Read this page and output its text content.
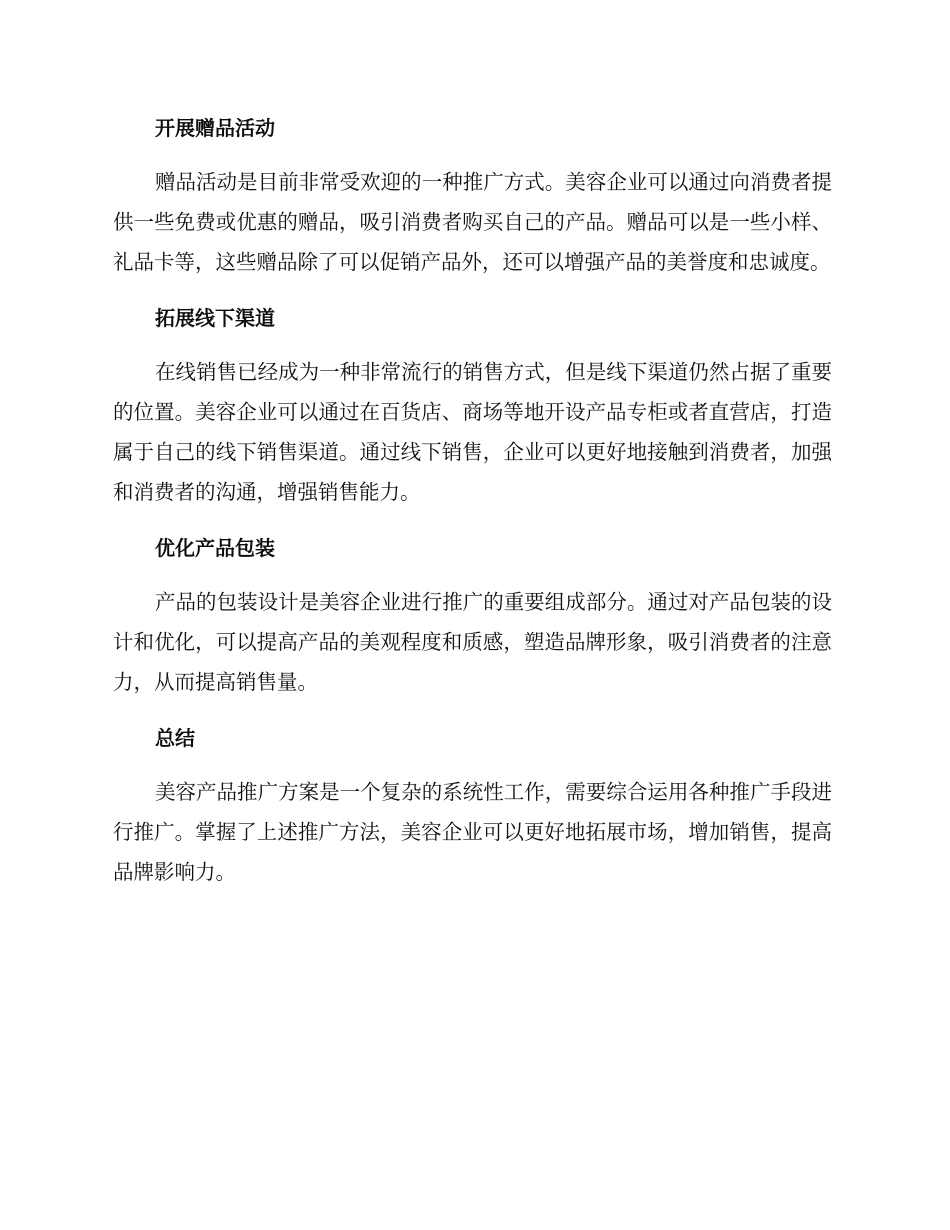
开展赠品活动

赠品活动是目前非常受欢迎的一种推广方式。美容企业可以通过向消费者提供一些免费或优惠的赠品，吸引消费者购买自己的产品。赠品可以是一些小样、礼品卡等，这些赠品除了可以促销产品外，还可以增强产品的美誉度和忠诚度。

拓展线下渠道

在线销售已经成为一种非常流行的销售方式，但是线下渠道仍然占据了重要的位置。美容企业可以通过在百货店、商场等地开设产品专柜或者直营店，打造属于自己的线下销售渠道。通过线下销售，企业可以更好地接触到消费者，加强和消费者的沟通，增强销售能力。

优化产品包装

产品的包装设计是美容企业进行推广的重要组成部分。通过对产品包装的设计和优化，可以提高产品的美观程度和质感，塑造品牌形象，吸引消费者的注意力，从而提高销售量。

总结

美容产品推广方案是一个复杂的系统性工作，需要综合运用各种推广手段进行推广。掌握了上述推广方法，美容企业可以更好地拓展市场，增加销售，提高品牌影响力。
